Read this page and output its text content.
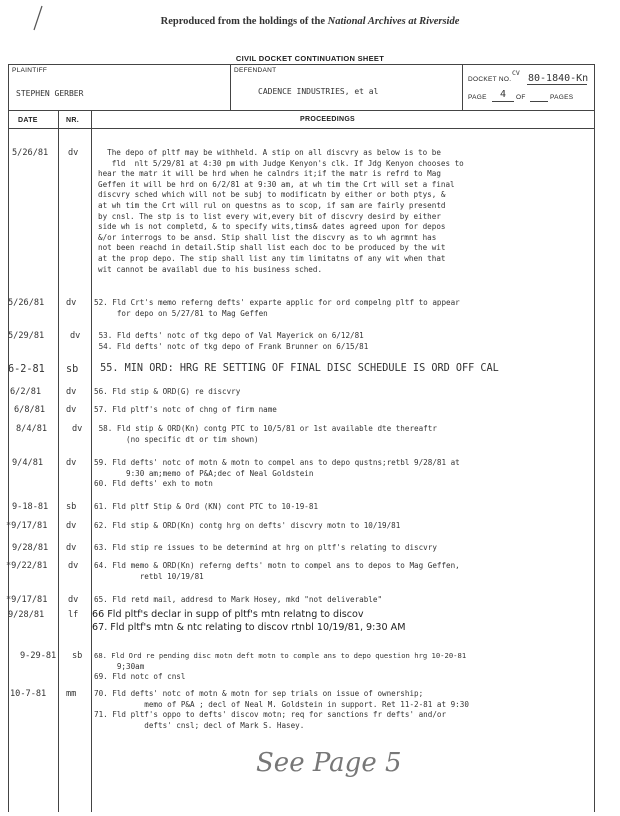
Reproduced from the holdings of the National Archives at Riverside
CIVIL DOCKET CONTINUATION SHEET
PLAINTIFF	DEFENDANT
STEPHEN GERBER	CADENCE INDUSTRIES, et al
DOCKET NO.
CV 80-1840-Kn
PAGE 4 OF	PAGES
DATE	NR.	PROCEEDINGS
5/26/81 dv	The depo of pltf may be withheld. A stip on all discvry as below is to be
fld  nlt 5/29/81 at 4:30 pm with Judge Kenyon's clk. If Jdg Kenyon chooses to
hear the matr it will be hrd when he calndrs it;if the matr is refrd to Mag
Geffen it will be hrd on 6/2/81 at 9:30 am, at wh tim the Crt will set a final
discvry sched which will not be subj to modificatn by either or both ptys, &
at wh tim the Crt will rul on questns as to scop, if sam are fairly presentd
by cnsl. The stp is to list every wit,every bit of discvry desird by either
side wh is not completd, & to specify wits,tims& dates agreed upon for depos
&/or interrogs to be ansd. Stip shall list the discvry as to wh agrmnt has
not been reachd in detail.Stip shall list each doc to be produced by the wit
at the prop depo. The stip shall list any tim limitatns of any wit when that
wit cannot be availabl due to his business sched.
5/26/81	dv 52. Fld Crt's memo referng defts' exparte applic for ord compelng pltf to appear
for depo on 5/27/81 to Mag Geffen
5/29/81	dv 53. Fld defts' notc of tkg depo of Val Mayerick on 6/12/81
54. Fld defts' notc of tkg depo of Frank Brunner on 6/15/81
6-2-81 sb 55. MIN ORD: HRG RE SETTING OF FINAL DISC SCHEDULE IS ORD OFF CAL
6/2/81	dv 56. Fld stip & ORD(G) re discvry
6/8/81 dv 57. Fld pltf's notc of chng of firm name
8/4/81	dv 58. Fld stip & ORD(Kn) contg PTC to 10/5/81 or 1st available dte thereaftr
(no specific dt or tim shown)
9/4/81	dv 59. Fld defts' notc of motn & motn to compel ans to depo qustns;retbl 9/28/81 at
9:30 am;memo of P&A;dec of Neal Goldstein
60. Fld defts' exh to motn
9-18-81 sb 61. Fld pltf Stip & Ord (KN) cont PTC to 10-19-81
*9/17/81 dv 62. Fld stip & ORD(Kn) contg hrg on defts' discvry motn to 10/19/81
9/28/81 dv 63. Fld stip re issues to be determind at hrg on pltf's relating to discvry
*9/22/81 dv 64. Fld memo & ORD(Kn) referng defts' motn to compel ans to depos to Mag Geffen,
retbl 10/19/81
*9/17/81 dv 65. Fld retd mail, addresd to Mark Hosey, mkd "not deliverable"
9/28/81	lf 66 Fld pltf's declar in supp of pltf's mtn relatng to discov
67. Fld pltf's mtn & ntc relating to discov rtnbl 10/19/81, 9:30 AM
9-29-81 sb 68. Fld Ord re pending disc motn deft motn to comple ans to depo question hrg 10-20-81
9;30am
69. Fld notc of cnsl
10-7-81 mm 70. Fld defts' notc of motn & motn for sep trials on issue of ownership;
memo of P&A ; decl of Neal M. Goldstein in support. Ret 11-2-81 at 9:30
71. Fld pltf's oppo to defts' discov motn; req for sanctions fr defts' and/or
defts' cnsl; decl of Mark S. Hasey.
See Page 5
